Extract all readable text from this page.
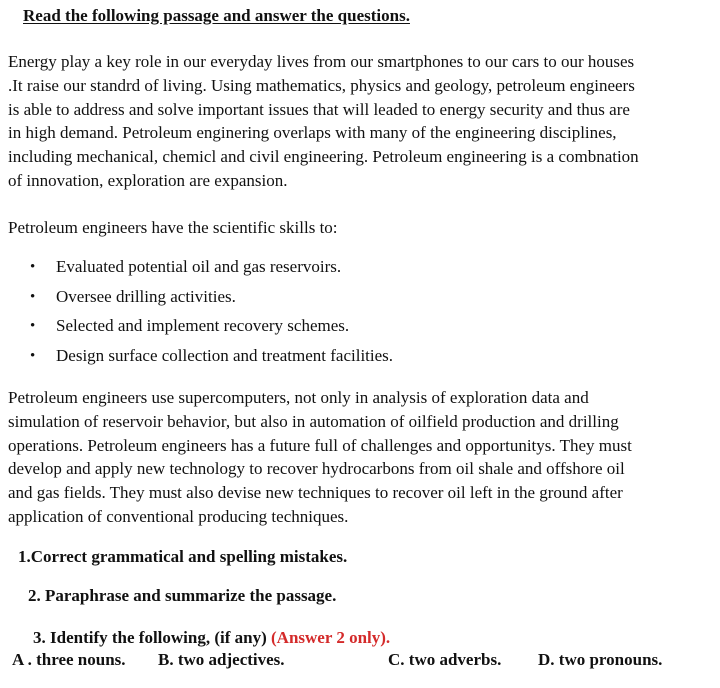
Read the following passage and answer the questions.
Energy play a key role in our everyday lives from our smartphones to our cars to our houses
.It raise our standrd of living. Using mathematics, physics and geology, petroleum engineers
is able to address and solve important issues that will leaded to energy security and thus are
in high demand. Petroleum enginering overlaps with many of the engineering disciplines,
including mechanical, chemicl and civil engineering. Petroleum engineering is a combnation
of innovation, exploration are expansion.
Petroleum engineers have the scientific skills to:
•	Evaluated potential oil and gas reservoirs.
•	Oversee drilling activities.
•	Selected and implement recovery schemes.
•	Design surface collection and treatment facilities.
Petroleum engineers use supercomputers, not only in analysis of exploration data and
simulation of reservoir behavior, but also in automation of oilfield production and drilling
operations. Petroleum engineers has a future full of challenges and opportunitys. They must
develop and apply new technology to recover hydrocarbons from oil shale and offshore oil
and gas fields. They must also devise new techniques to recover oil left in the ground after
application of conventional producing techniques.
1.Correct grammatical and spelling mistakes.
2. Paraphrase and summarize the passage.
3. Identify the following, (if any) (Answer 2 only).
A . three nouns. B. two adjectives.	C. two adverbs. D. two pronouns.
